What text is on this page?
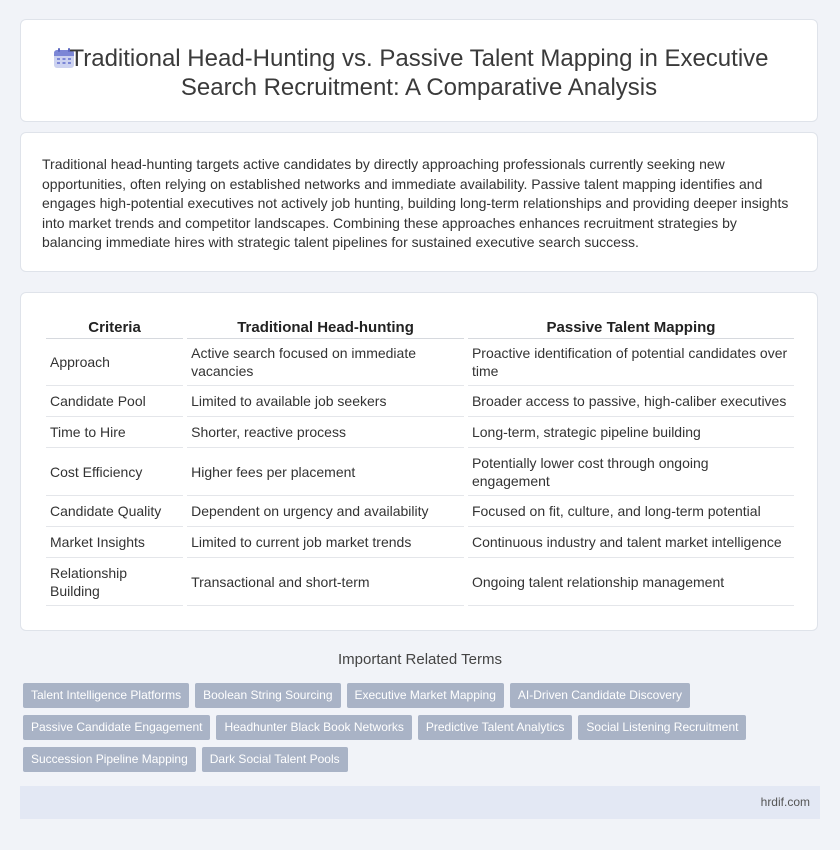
Traditional Head-Hunting vs. Passive Talent Mapping in Executive Search Recruitment: A Comparative Analysis
Traditional head-hunting targets active candidates by directly approaching professionals currently seeking new opportunities, often relying on established networks and immediate availability. Passive talent mapping identifies and engages high-potential executives not actively job hunting, building long-term relationships and providing deeper insights into market trends and competitor landscapes. Combining these approaches enhances recruitment strategies by balancing immediate hires with strategic talent pipelines for sustained executive search success.
Criteria	Traditional Head-hunting	Passive Talent Mapping
Approach	Active search focused on immediate vacancies	Proactive identification of potential candidates over time
Candidate Pool	Limited to available job seekers	Broader access to passive, high-caliber executives
Time to Hire	Shorter, reactive process	Long-term, strategic pipeline building
Cost Efficiency	Higher fees per placement	Potentially lower cost through ongoing engagement
Candidate Quality	Dependent on urgency and availability	Focused on fit, culture, and long-term potential
Market Insights	Limited to current job market trends	Continuous industry and talent market intelligence
Relationship Building	Transactional and short-term	Ongoing talent relationship management
Important Related Terms
Talent Intelligence Platforms	Boolean String Sourcing	Executive Market Mapping	AI-Driven Candidate Discovery
Passive Candidate Engagement	Headhunter Black Book Networks	Predictive Talent Analytics	Social Listening Recruitment
Succession Pipeline Mapping	Dark Social Talent Pools
hrdif.com
